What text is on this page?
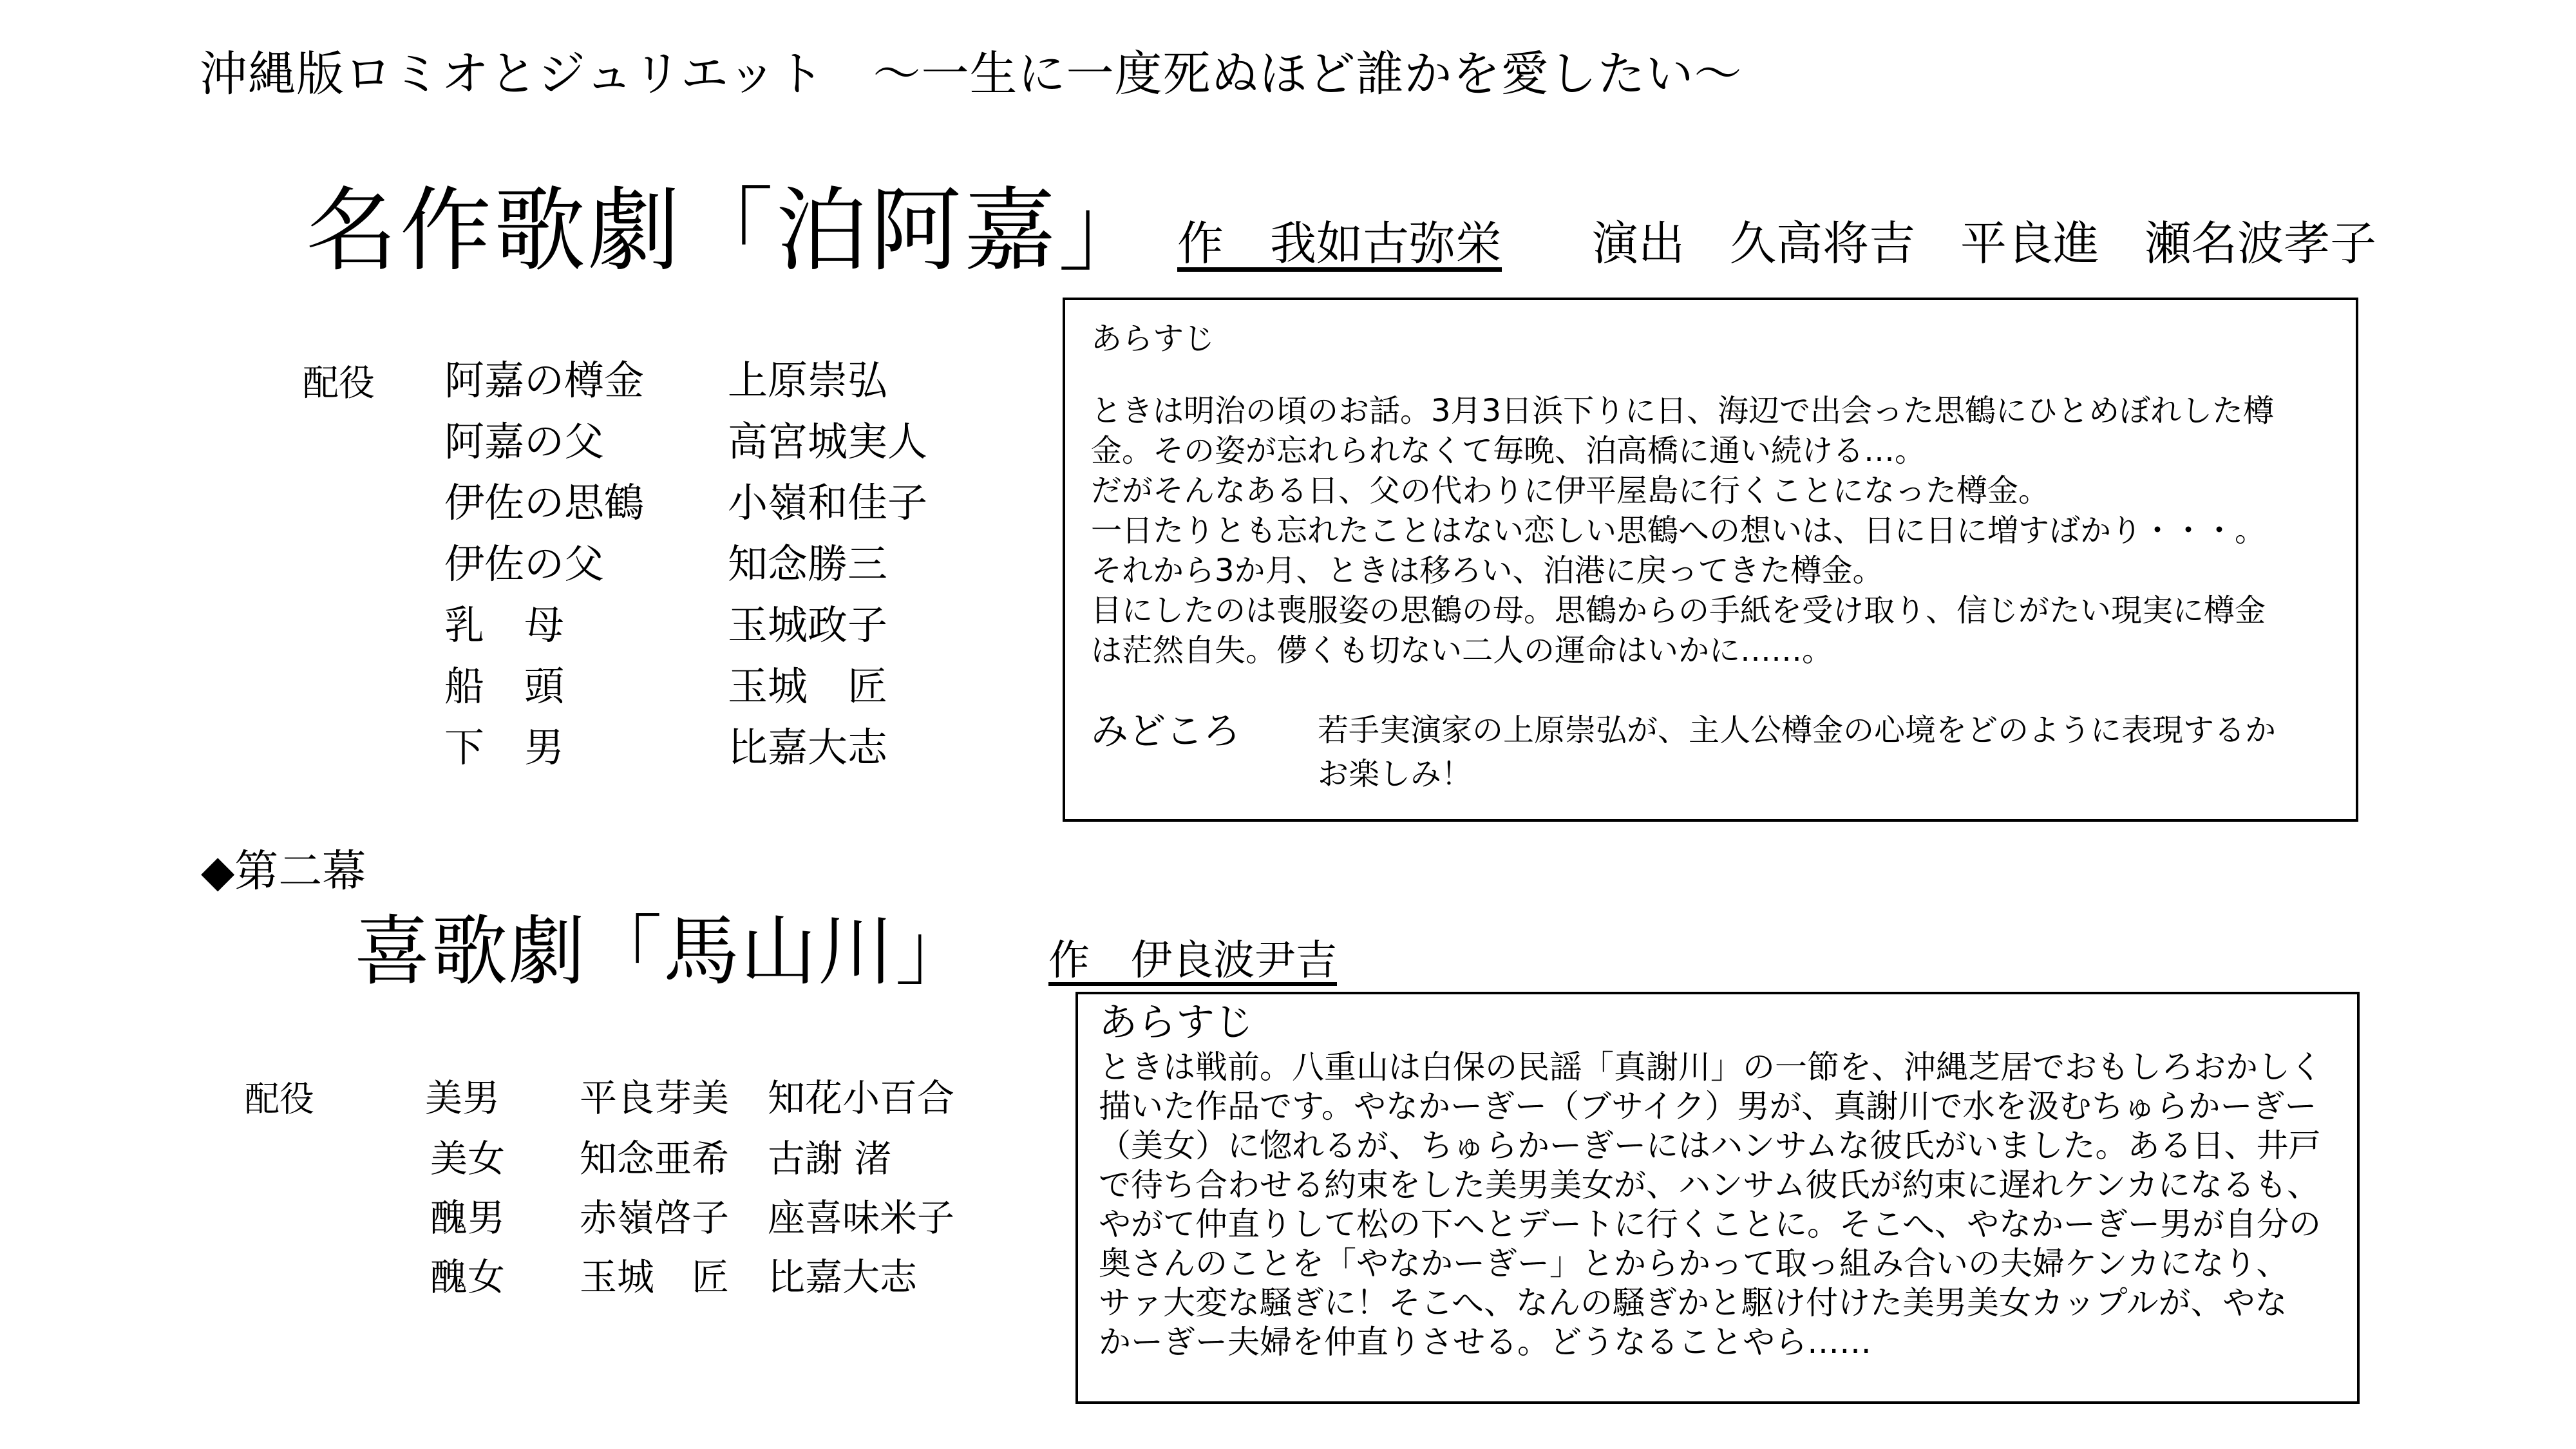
沖縄版ロミオとジュリエット　〜一生に一度死ぬほど誰かを愛したい〜
名作歌劇「泊阿嘉」 作　我如古弥栄 演出 久高将吉 平良進 瀬名波孝子
配役 阿嘉の樽金 上原崇弘
阿嘉の父	高宮城実人
伊佐の思鶴 小嶺和佳子
伊佐の父	知念勝三
乳　母	玉城政子
船　頭	玉城　匠
下　男	比嘉大志
あらすじ
ときは明治の頃のお話。3月3日浜下りに日、海辺で出会った思鶴にひとめぼれした樽
金。その姿が忘れられなくて毎晩、泊高橋に通い続ける…。
だがそんなある日、父の代わりに伊平屋島に行くことになった樽金。
一日たりとも忘れたことはない恋しい思鶴への想いは、日に日に増すばかり・・・。
それから3か月、ときは移ろい、泊港に戻ってきた樽金。
目にしたのは喪服姿の思鶴の母。思鶴からの手紙を受け取り、信じがたい現実に樽金
は茫然自失。儚くも切ない二人の運命はいかに……。
みどころ 若手実演家の上原崇弘が、主人公樽金の心境をどのように表現するか
お楽しみ！
◆第二幕
喜歌劇「馬山川」 作　伊良波尹吉
配役	美男 平良芽美 知花小百合
美女 知念亜希 古謝 渚
醜男 赤嶺啓子 座喜味米子
醜女 玉城　匠 比嘉大志
あらすじ
ときは戦前。八重山は白保の民謡「真謝川」の一節を、沖縄芝居でおもしろおかしく
描いた作品です。やなかーぎー（ブサイク）男が、真謝川で水を汲むちゅらかーぎー
（美女）に惚れるが、ちゅらかーぎーにはハンサムな彼氏がいました。ある日、井戸
で待ち合わせる約束をした美男美女が、ハンサム彼氏が約束に遅れケンカになるも、
やがて仲直りして松の下へとデートに行くことに。そこへ、やなかーぎー男が自分の
奥さんのことを「やなかーぎー」とからかって取っ組み合いの夫婦ケンカになり、
サァ大変な騒ぎに！そこへ、なんの騒ぎかと駆け付けた美男美女カップルが、やな
かーぎー夫婦を仲直りさせる。どうなることやら……
